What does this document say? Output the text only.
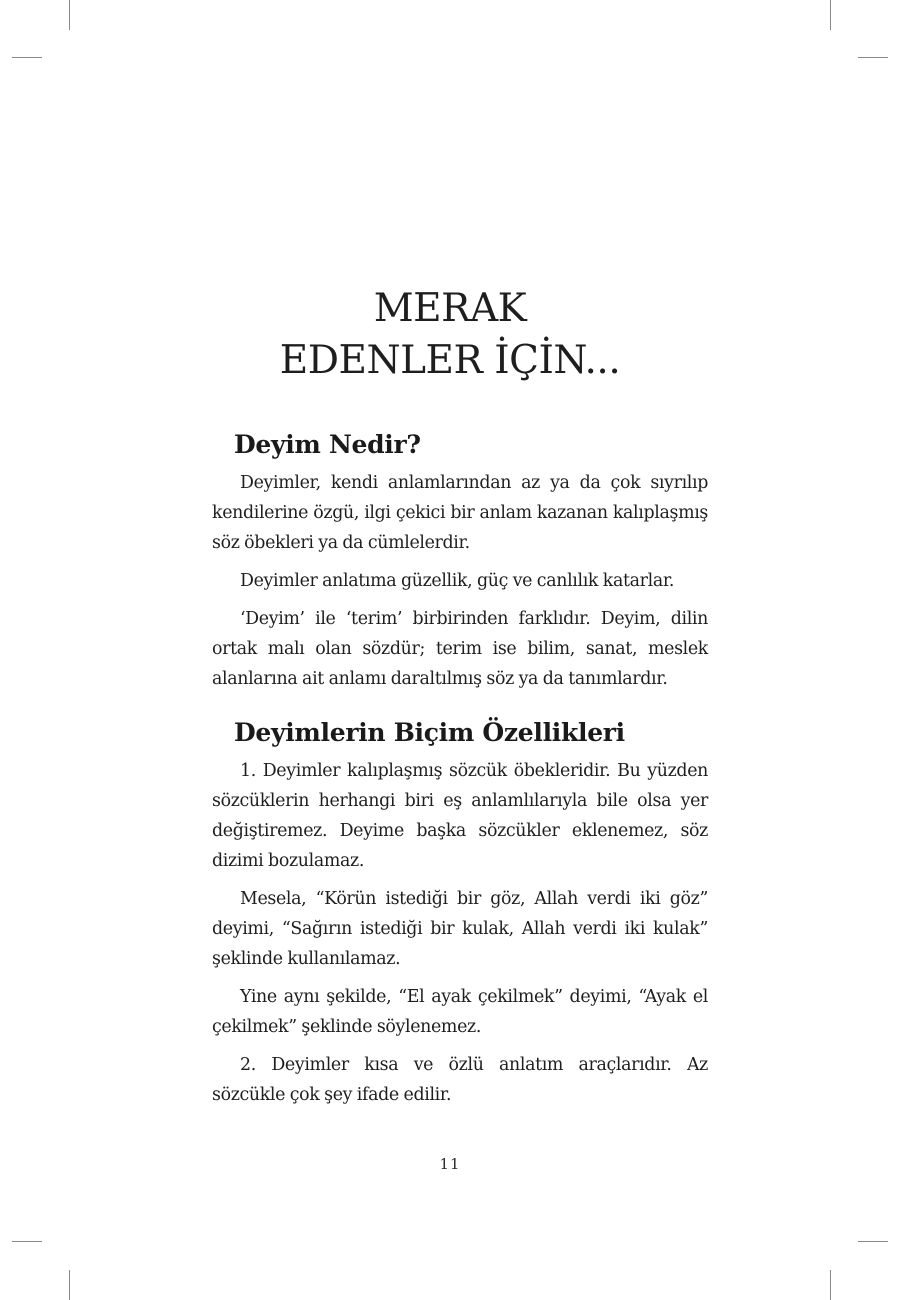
MERAK
EDENLER İÇİN...
Deyim Nedir?

Deyimler, kendi anlamlarından az ya da çok sıyrılıp kendilerine özgü, ilgi çekici bir anlam kazanan kalıplaşmış söz öbekleri ya da cümlelerdir.

Deyimler anlatıma güzellik, güç ve canlılık katarlar.

‘Deyim’ ile ‘terim’ birbirinden farklıdır. Deyim, dilin ortak malı olan sözdür; terim ise bilim, sanat, meslek alanlarına ait anlamı daraltılmış söz ya da tanımlardır.

Deyimlerin Biçim Özellikleri

1. Deyimler kalıplaşmış sözcük öbekleridir. Bu yüzden sözcüklerin herhangi biri eş anlamlılarıyla bile olsa yer değiştiremez. Deyime başka sözcükler eklenemez, söz dizimi bozulamaz.

Mesela, “Körün istediği bir göz, Allah verdi iki göz” deyimi, “Sağırın istediği bir kulak, Allah verdi iki kulak” şeklinde kullanılamaz.

Yine aynı şekilde, “El ayak çekilmek” deyimi, “Ayak el çekilmek” şeklinde söylenemez.

2. Deyimler kısa ve özlü anlatım araçlarıdır. Az sözcükle çok şey ifade edilir.

11
